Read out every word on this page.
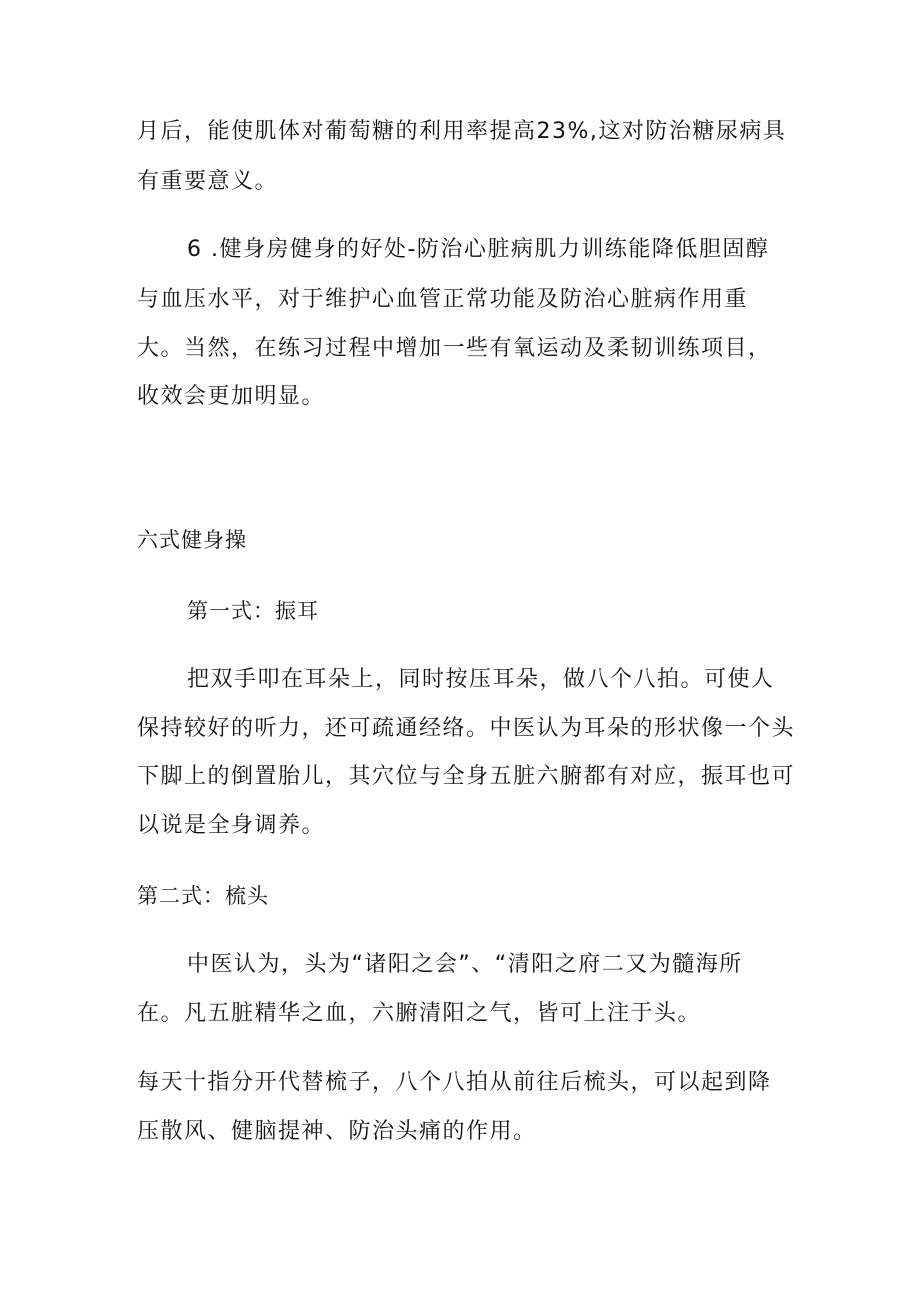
月后，能使肌体对葡萄糖的利用率提高23%,这对防治糖尿病具
有重要意义。
6 .健身房健身的好处-防治心脏病肌力训练能降低胆固醇
与血压水平，对于维护心血管正常功能及防治心脏病作用重
大。当然，在练习过程中增加一些有氧运动及柔韧训练项目，
收效会更加明显。
六式健身操
第一式：振耳
把双手叩在耳朵上，同时按压耳朵，做八个八拍。可使人
保持较好的听力，还可疏通经络。中医认为耳朵的形状像一个头
下脚上的倒置胎儿，其穴位与全身五脏六腑都有对应，振耳也可
以说是全身调养。
第二式：梳头
中医认为，头为“诸阳之会”、“清阳之府二又为髓海所
在。凡五脏精华之血，六腑清阳之气，皆可上注于头。
每天十指分开代替梳子，八个八拍从前往后梳头，可以起到降
压散风、健脑提神、防治头痛的作用。
